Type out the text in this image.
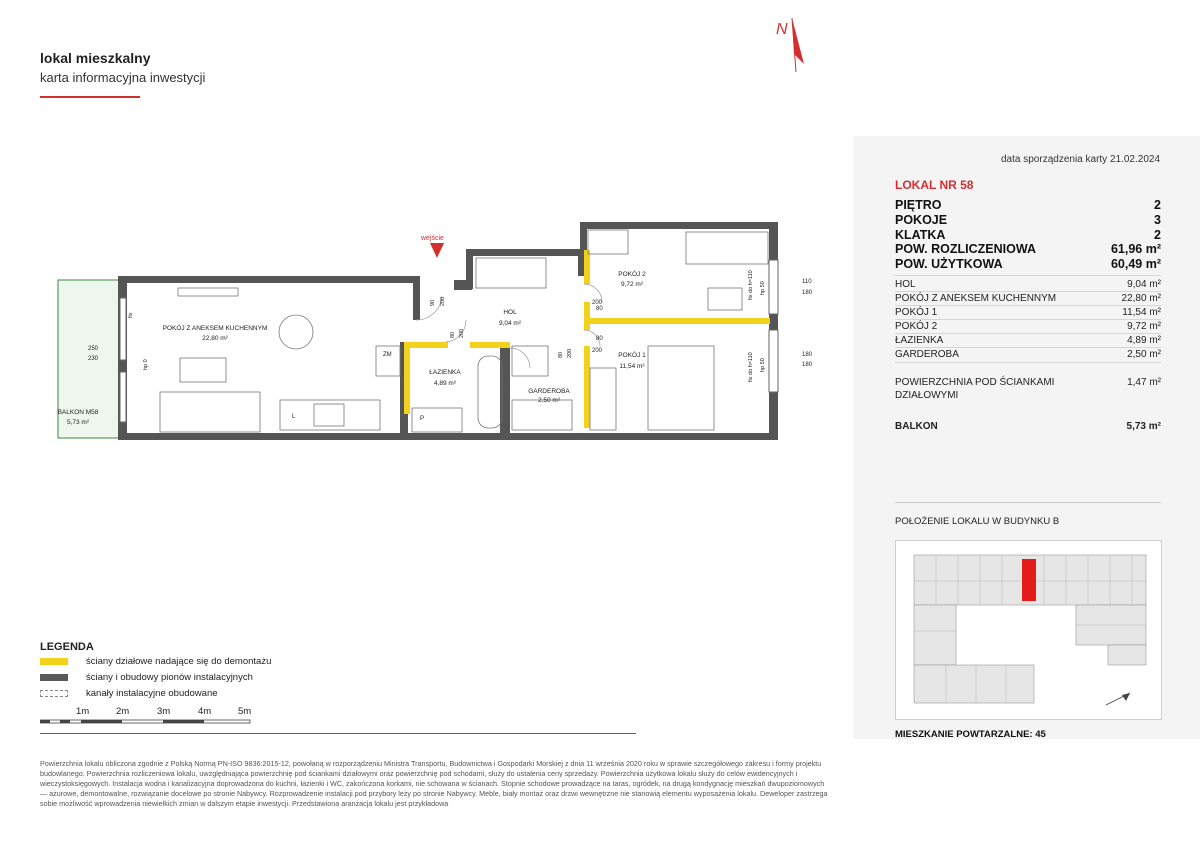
lokal mieszkalny
karta informacyjna inwestycji
N
wejście
POKÓJ Z ANEKSEM KUCHENNYM
22,80 m²
HOL
9,04 m²
ŁAZIENKA
4,89 m²
GARDEROBA
2,50 m²
POKÓJ 1
11,54 m²
POKÓJ 2
9,72 m²
BALKON M58
5,73 m²
ZM
L	P
250
230
110
180
180
180
80
200
80
200
90 200
80 200
80 200
fix
hp 0
fix do h=110 hp 50
fix do h=110 hp 50
data sporządzenia karty 21.02.2024
LOKAL NR 58
PIĘTRO	2
POKOJE	3
KLATKA	2
POW. ROZLICZENIOWA	61,96 m²
POW. UŻYTKOWA	60,49 m²
HOL	9,04 m²
POKÓJ Z ANEKSEM KUCHENNYM	22,80 m²
POKÓJ 1	11,54 m²
POKÓJ 2	9,72 m²
ŁAZIENKA	4,89 m²
GARDEROBA	2,50 m²
POWIERZCHNIA POD ŚCIANKAMI
DZIAŁOWYMI
1,47 m²
BALKON	5,73 m²
POŁOŻENIE LOKALU W BUDYNKU B
MIESZKANIE POWTARZALNE: 45
LEGENDA
ściany działowe nadające się do demontażu
ściany i obudowy pionów instalacyjnych
kanały instalacyjne obudowane
1m	2m	3m	4m	5m
Powierzchnia lokalu obliczona zgodnie z Polską Normą PN-ISO 9836:2015-12, powołaną w rozporządzeniu Ministra Transportu, Budownictwa i Gospodarki Morskiej z dnia 11 września 2020 roku w sprawie szczegółowego zakresu i formy projektu budowlanego. Powierzchnia rozliczeniowa lokalu, uwzględniająca powierzchnię pod ściankami działowymi oraz powierzchnię pod schodami, służy do ustalenia ceny sprzedaży. Powierzchnia użytkowa lokalu służy do celów ewidencyjnych i wieczystoksięgowych. Instalacja wodna i kanalizacyjna doprowadzona do kuchni, łazienki i WC, zakończona korkami, nie schowana w ścianach. Stopnie schodowe prowadzące na taras, ogródek, na drugą kondygnację mieszkań dwupoziomowych — ażurowe, demontowalne, rozwiązanie docelowe po stronie Nabywcy. Rozprowadzenie instalacji pod przybory leży po stronie Nabywcy. Meble, biały montaż oraz drzwi wewnętrzne nie stanowią elementu wyposażenia lokalu. Deweloper zastrzega sobie możliwość wprowadzenia niewielkich zmian w dalszym etapie inwestycji. Przedstawiona aranżacja lokalu jest przykładowa
